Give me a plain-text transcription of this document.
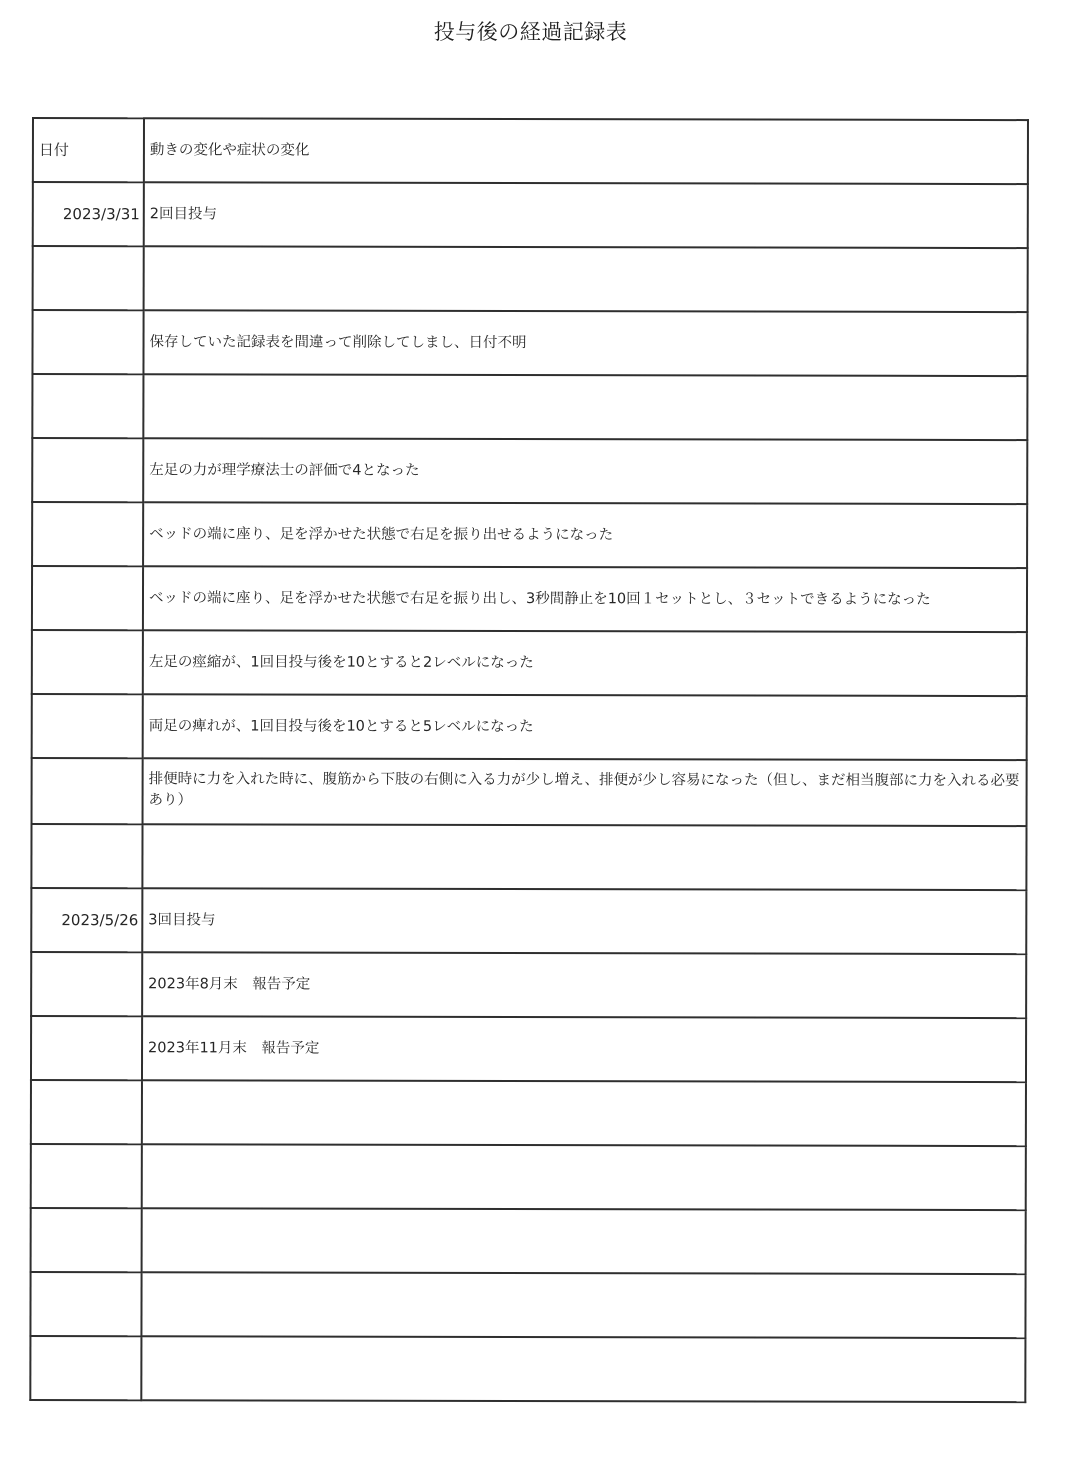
投与後の経過記録表
日付	動きの変化や症状の変化
2023/3/31	2回目投与

	保存していた記録表を間違って削除してしまし、日付不明

	左足の力が理学療法士の評価で4となった
	ベッドの端に座り、足を浮かせた状態で右足を振り出せるようになった
	ベッドの端に座り、足を浮かせた状態で右足を振り出し、3秒間静止を10回１セットとし、３セットできるようになった
	左足の痙縮が、1回目投与後を10とすると2レベルになった
	両足の痺れが、1回目投与後を10とすると5レベルになった
	排便時に力を入れた時に、腹筋から下肢の右側に入る力が少し増え、排便が少し容易になった（但し、まだ相当腹部に力を入れる必要あり）

2023/5/26	3回目投与
	2023年8月末　報告予定
	2023年11月末　報告予定
